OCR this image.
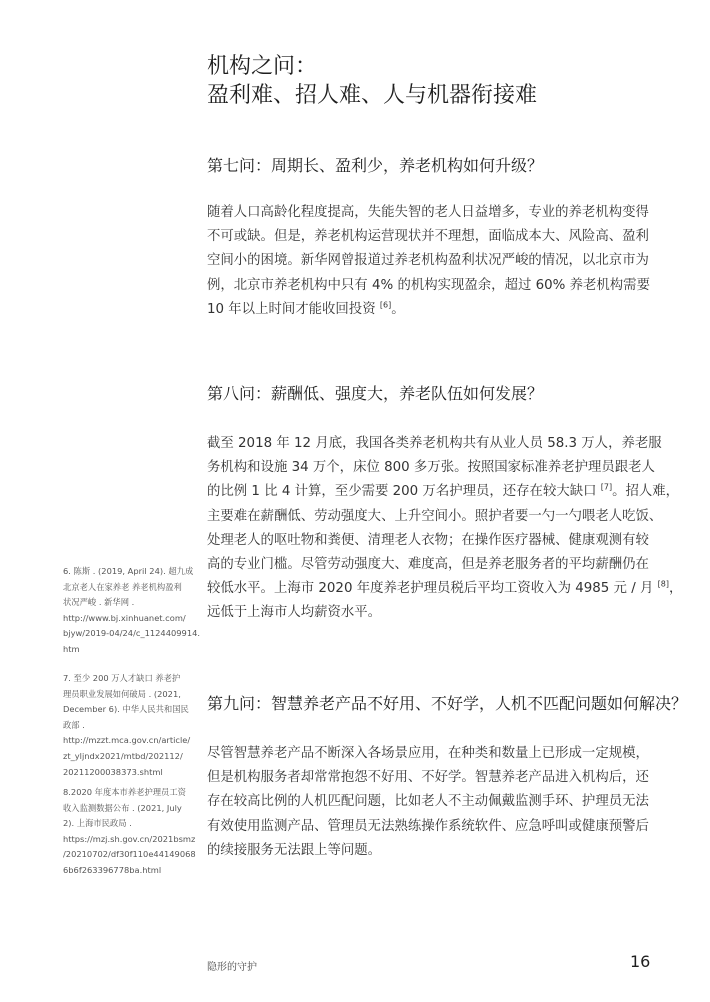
机构之问：
盈利难、招人难、人与机器衔接难
第七问：周期长、盈利少，养老机构如何升级？
随着人口高龄化程度提高，失能失智的老人日益增多，专业的养老机构变得
不可或缺。但是，养老机构运营现状并不理想，面临成本大、风险高、盈利
空间小的困境。新华网曾报道过养老机构盈利状况严峻的情况，以北京市为
例，北京市养老机构中只有 4% 的机构实现盈余，超过 60% 养老机构需要
10 年以上时间才能收回投资 [6]。
第八问：薪酬低、强度大，养老队伍如何发展？
截至 2018 年 12 月底，我国各类养老机构共有从业人员 58.3 万人，养老服
务机构和设施 34 万个，床位 800 多万张。按照国家标准养老护理员跟老人
的比例 1 比 4 计算，至少需要 200 万名护理员，还存在较大缺口 [7]。招人难，
主要难在薪酬低、劳动强度大、上升空间小。照护者要一勺一勺喂老人吃饭、
处理老人的呕吐物和粪便、清理老人衣物；在操作医疗器械、健康观测有较
高的专业门槛。尽管劳动强度大、难度高，但是养老服务者的平均薪酬仍在
较低水平。上海市 2020 年度养老护理员税后平均工资收入为 4985 元 / 月 [8]，
远低于上海市人均薪资水平。
第九问：智慧养老产品不好用、不好学，人机不匹配问题如何解决？
尽管智慧养老产品不断深入各场景应用，在种类和数量上已形成一定规模，
但是机构服务者却常常抱怨不好用、不好学。智慧养老产品进入机构后，还
存在较高比例的人机匹配问题，比如老人不主动佩戴监测手环、护理员无法
有效使用监测产品、管理员无法熟练操作系统软件、应急呼叫或健康预警后
的续接服务无法跟上等问题。
6. 陈斯 . (2019, April 24). 超九成
北京老人在家养老 养老机构盈利
状况严峻 . 新华网 .
http://www.bj.xinhuanet.com/
bjyw/2019-04/24/c_1124409914.
htm
7. 至少 200 万人才缺口 养老护
理员职业发展如何破局 . (2021,
December 6). 中华人民共和国民
政部 .
http://mzzt.mca.gov.cn/article/
zt_yljndx2021/mtbd/202112/
20211200038373.shtml
8.2020 年度本市养老护理员工资
收入监测数据公布 . (2021, July
2). 上海市民政局 .
https://mzj.sh.gov.cn/2021bsmz
/20210702/df30f110e44149068
6b6f263396778ba.html
隐形的守护	16
